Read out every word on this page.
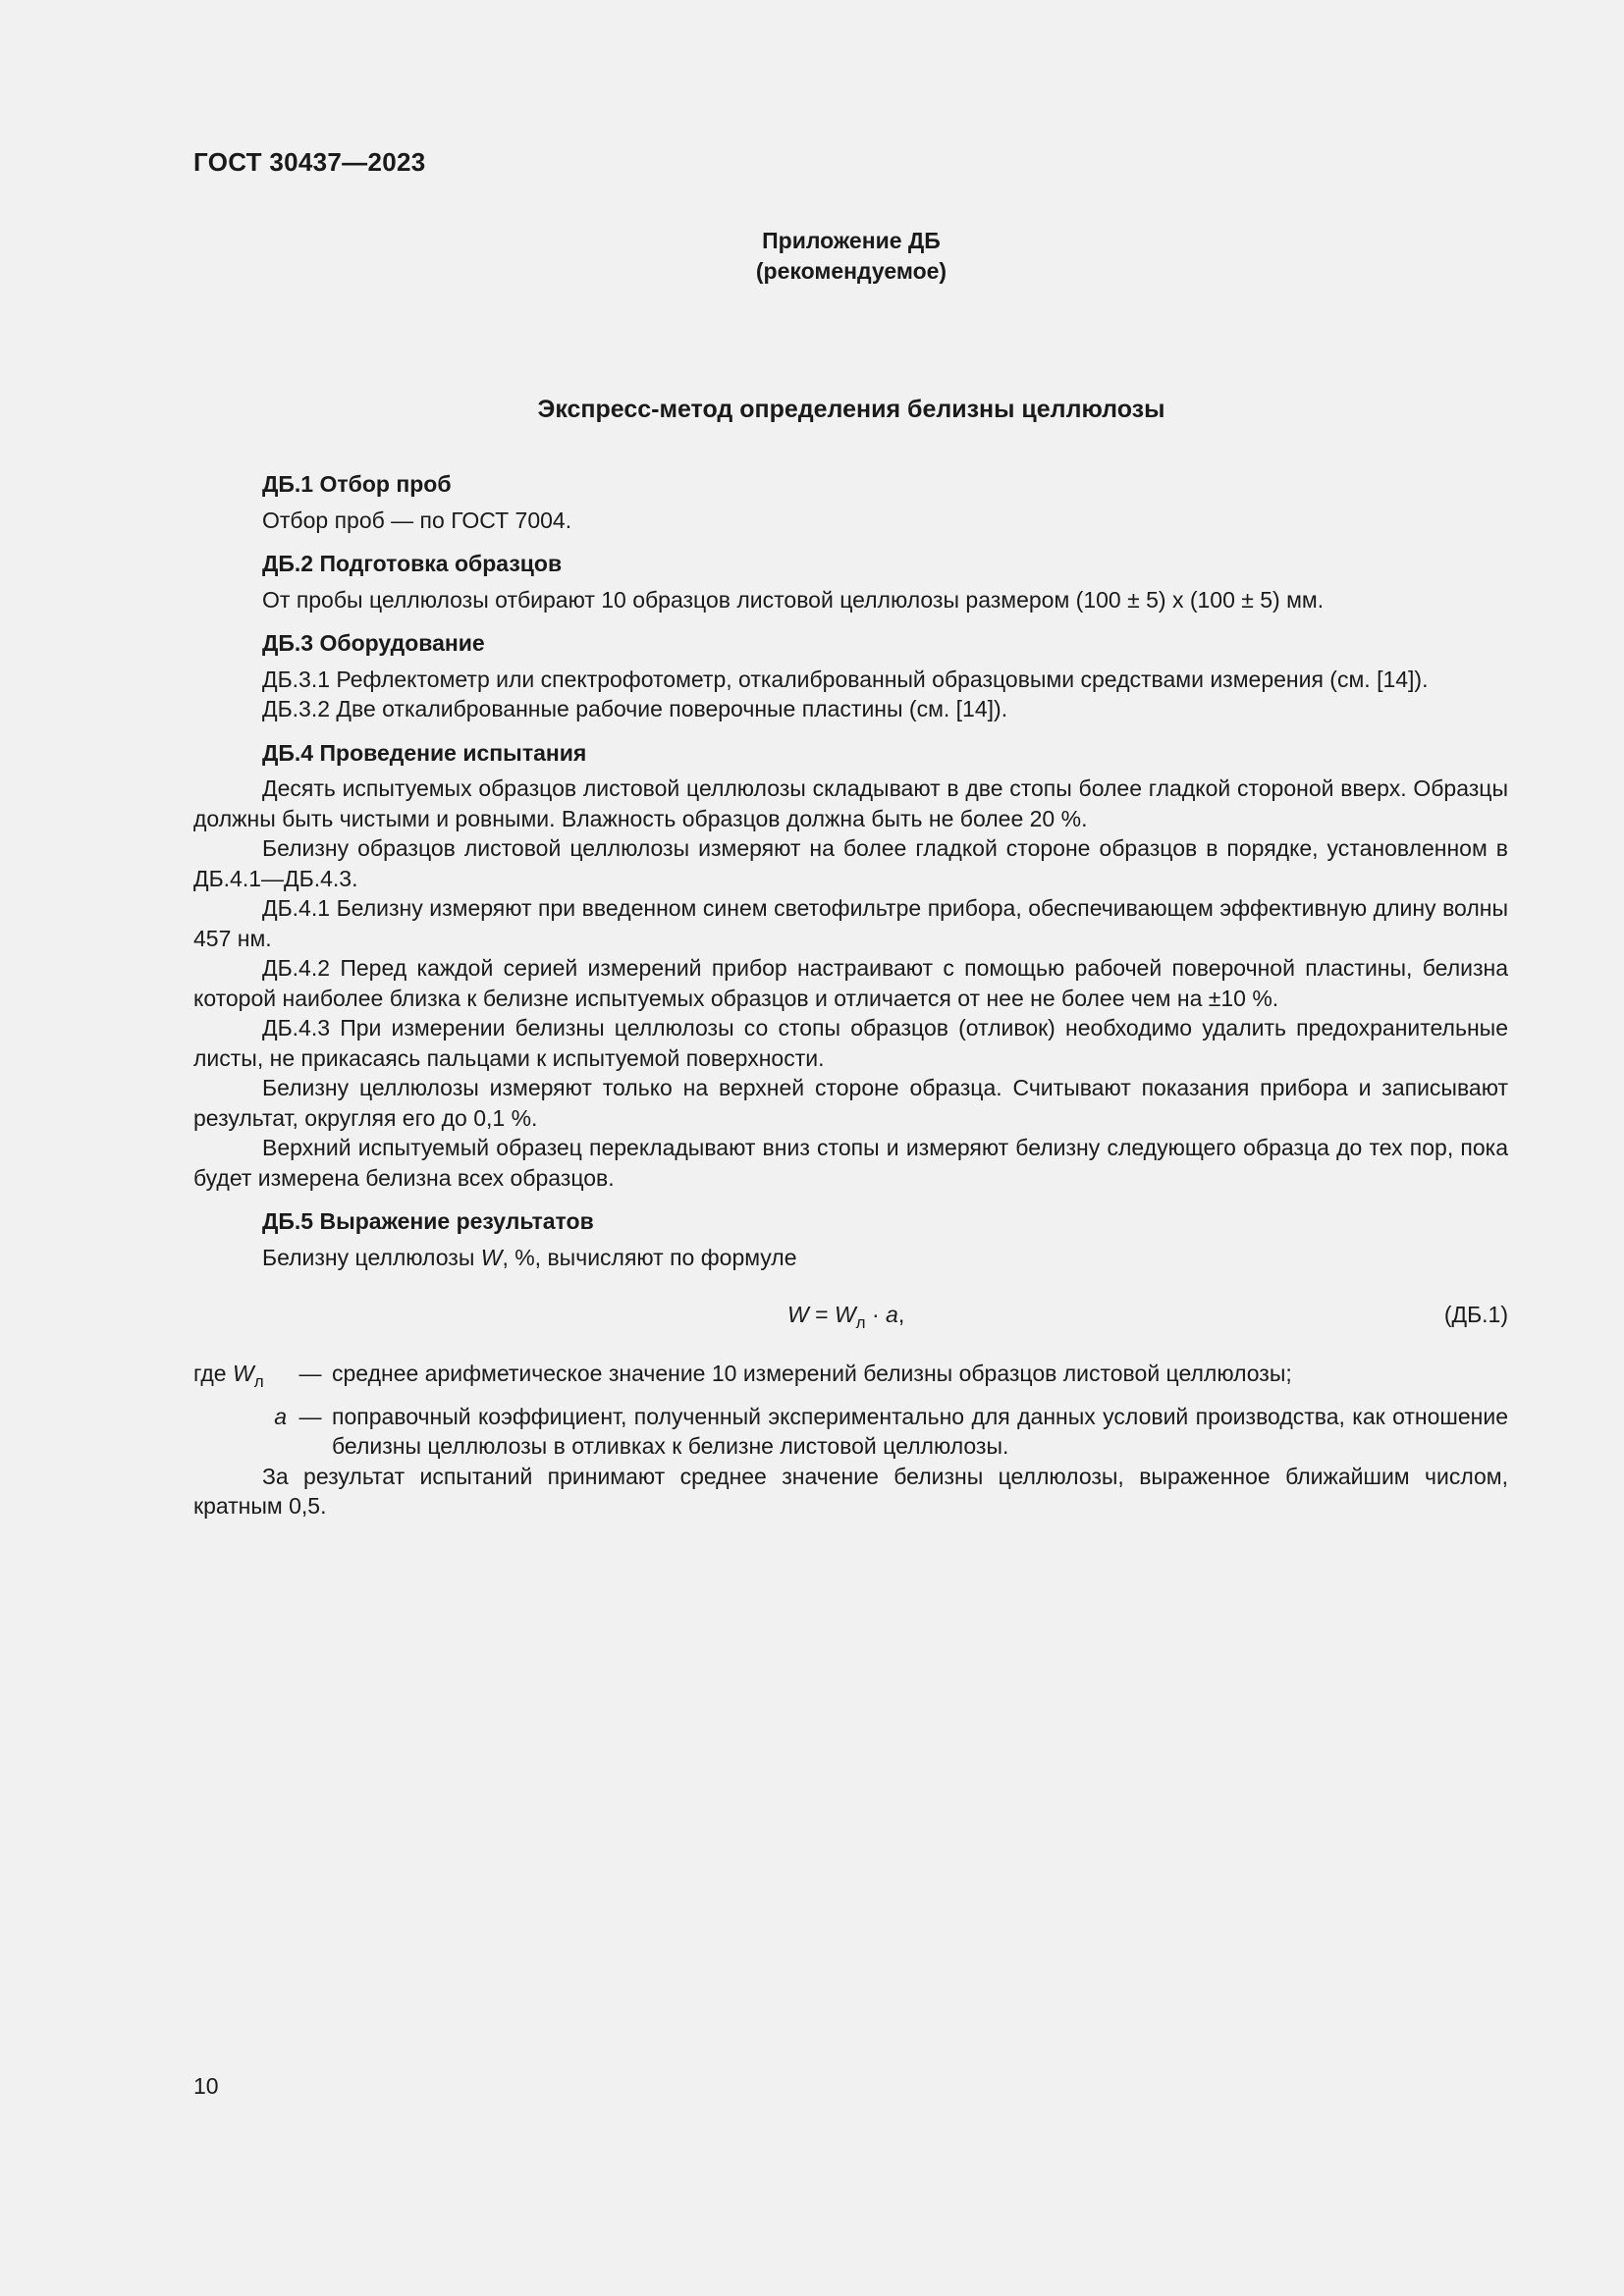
ГОСТ 30437—2023
Приложение ДБ
(рекомендуемое)
Экспресс-метод определения белизны целлюлозы
ДБ.1 Отбор проб

Отбор проб — по ГОСТ 7004.

ДБ.2 Подготовка образцов

От пробы целлюлозы отбирают 10 образцов листовой целлюлозы размером (100 ± 5) х (100 ± 5) мм.

ДБ.3 Оборудование

ДБ.3.1 Рефлектометр или спектрофотометр, откалиброванный образцовыми средствами измерения (см. [14]).

ДБ.3.2 Две откалиброванные рабочие поверочные пластины (см. [14]).

ДБ.4 Проведение испытания

Десять испытуемых образцов листовой целлюлозы складывают в две стопы более гладкой стороной вверх. Образцы должны быть чистыми и ровными. Влажность образцов должна быть не более 20 %.

Белизну образцов листовой целлюлозы измеряют на более гладкой стороне образцов в порядке, установленном в ДБ.4.1—ДБ.4.3.

ДБ.4.1 Белизну измеряют при введенном синем светофильтре прибора, обеспечивающем эффективную длину волны 457 нм.

ДБ.4.2 Перед каждой серией измерений прибор настраивают с помощью рабочей поверочной пластины, белизна которой наиболее близка к белизне испытуемых образцов и отличается от нее не более чем на ±10 %.

ДБ.4.3 При измерении белизны целлюлозы со стопы образцов (отливок) необходимо удалить предохранительные листы, не прикасаясь пальцами к испытуемой поверхности.

Белизну целлюлозы измеряют только на верхней стороне образца. Считывают показания прибора и записывают результат, округляя его до 0,1 %.

Верхний испытуемый образец перекладывают вниз стопы и измеряют белизну следующего образца до тех пор, пока будет измерена белизна всех образцов.

ДБ.5 Выражение результатов

Белизну целлюлозы W, %, вычисляют по формуле

$W = W_л \cdot a$,	(ДБ.1)
где $W_л$	— среднее арифметическое значение 10 измерений белизны образцов листовой целлюлозы;
a — поправочный коэффициент, полученный экспериментально для данных условий производства, как отношение белизны целлюлозы в отливках к белизне листовой целлюлозы.

За результат испытаний принимают среднее значение белизны целлюлозы, выраженное ближайшим числом, кратным 0,5.

10
